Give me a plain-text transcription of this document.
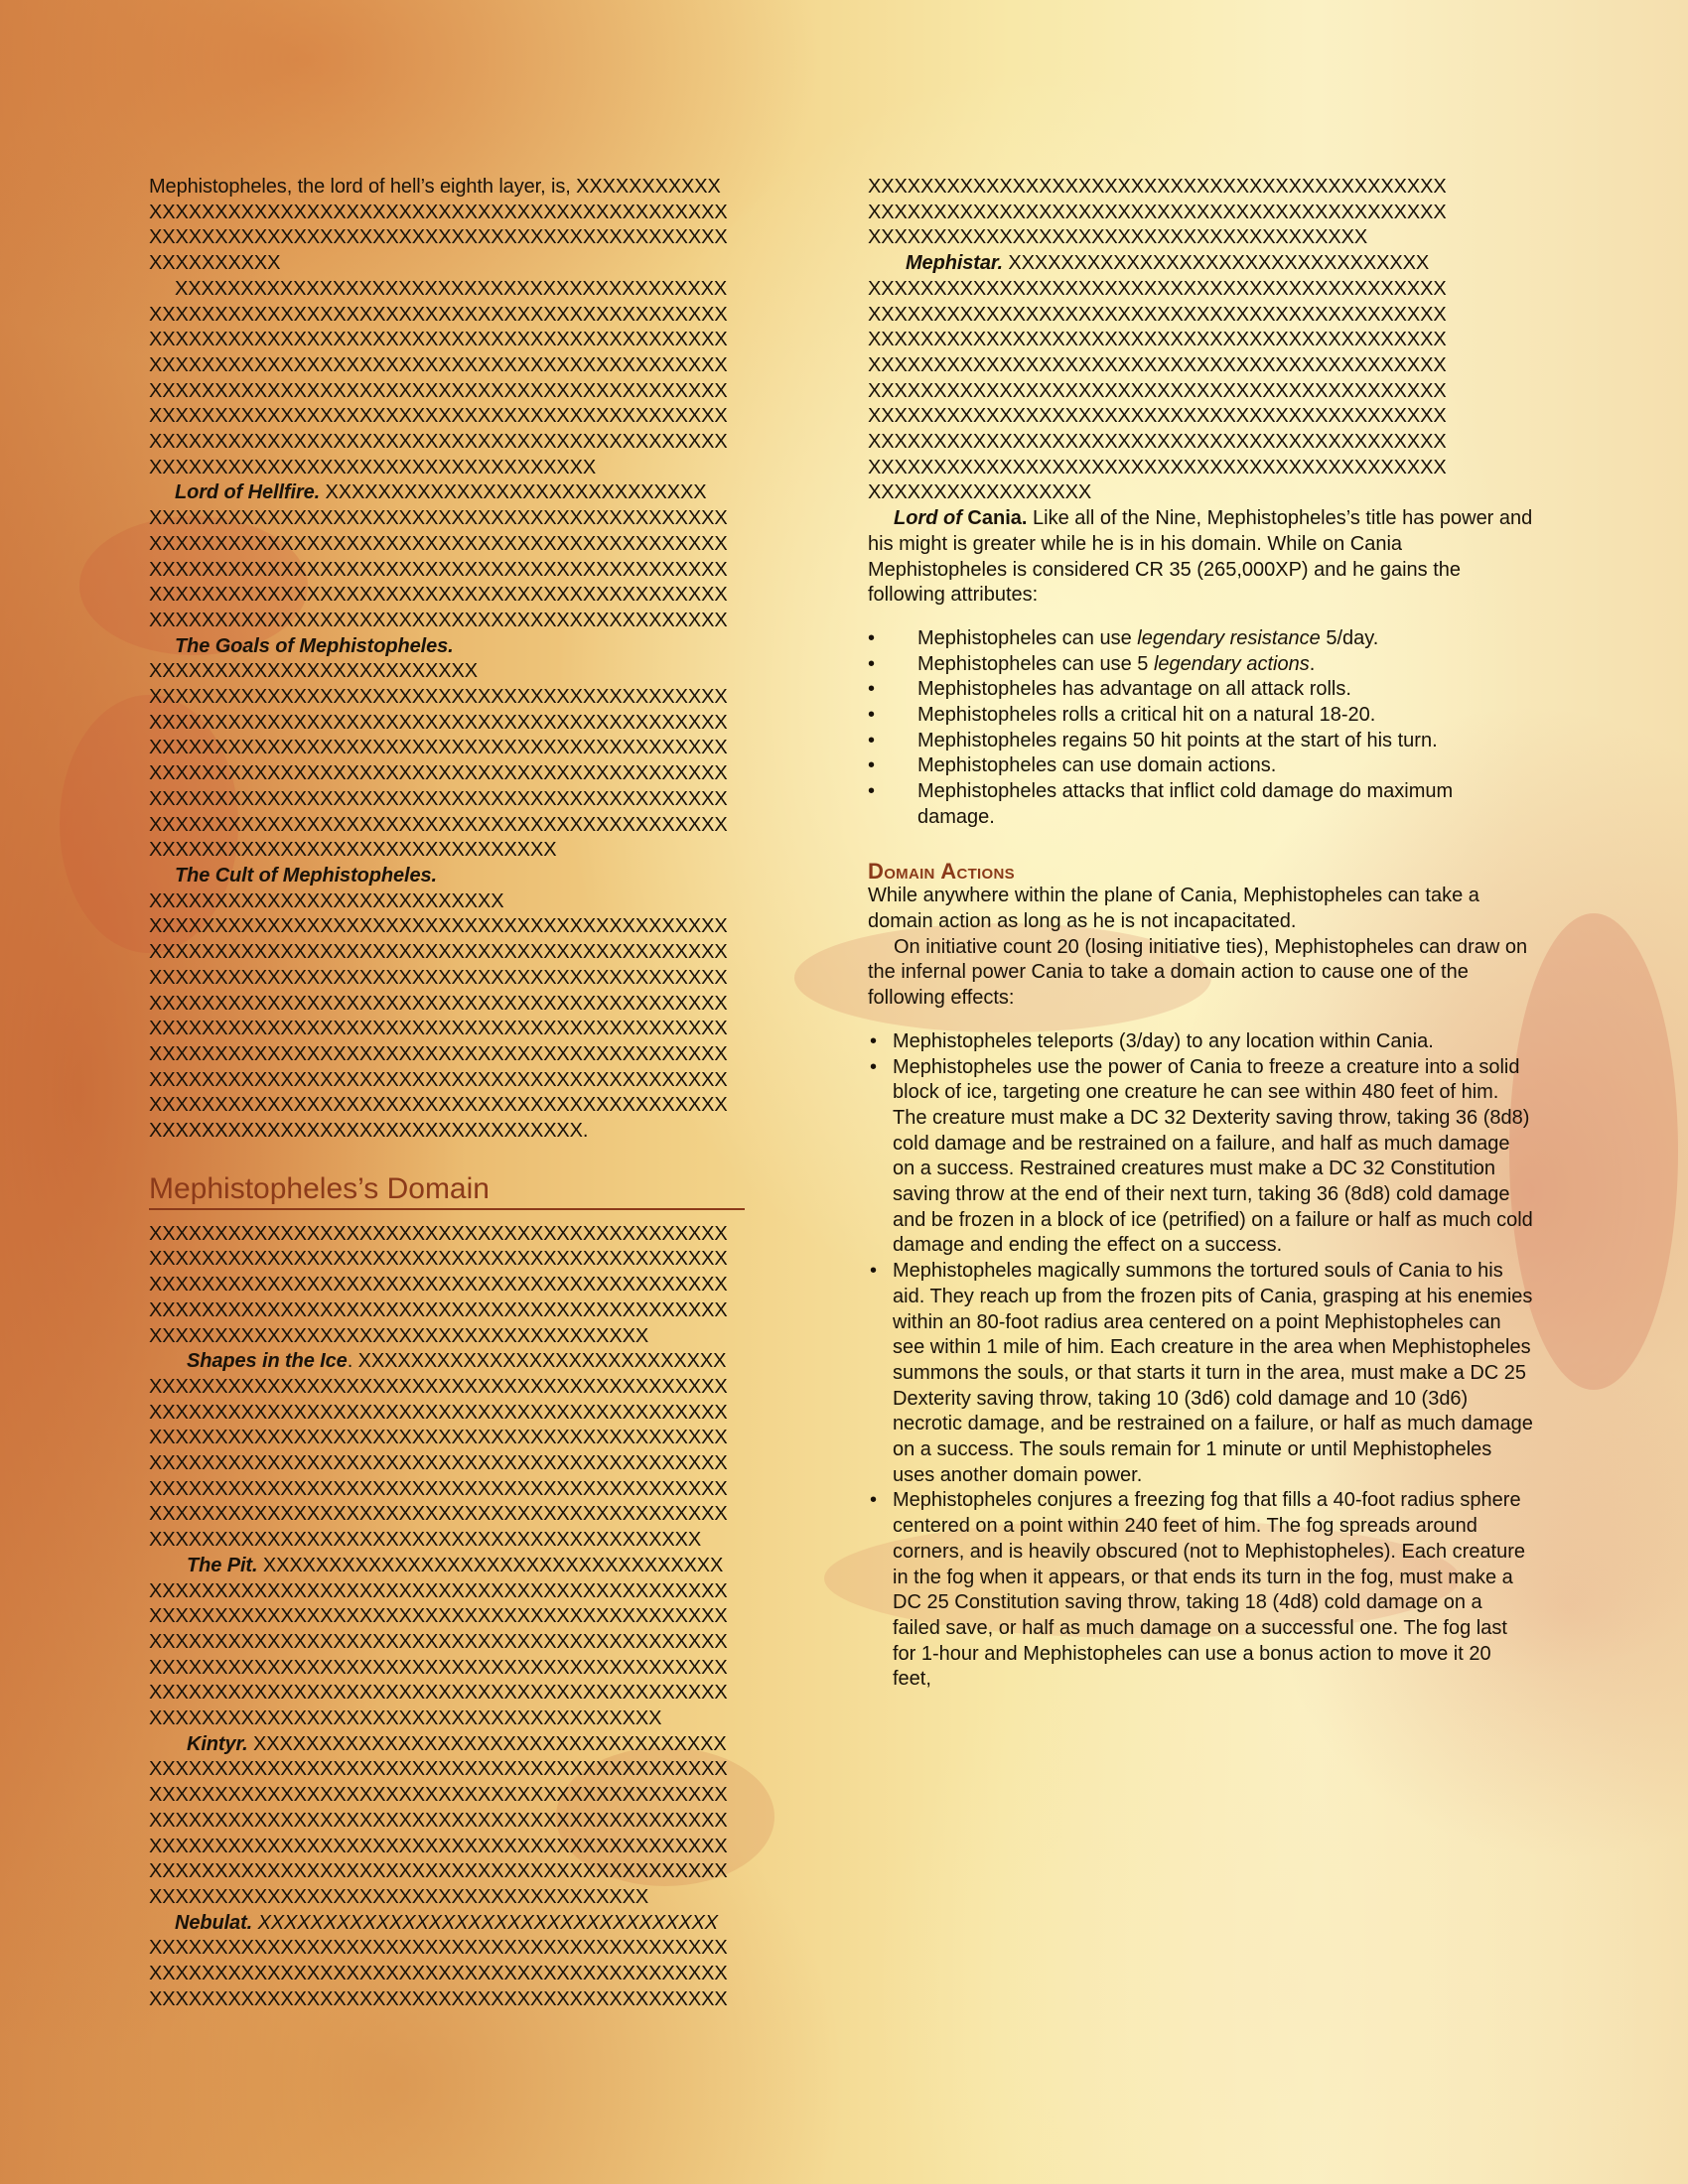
Mephistopheles, the lord of hell’s eighth layer, is, XXXXXXXXXXX
XXXXXXXXXXXXXXXXXXXXXXXXXXXXXXXXXXXXXXXXXXXX
XXXXXXXXXXXXXXXXXXXXXXXXXXXXXXXXXXXXXXXXXXXX
XXXXXXXXXX

XXXXXXXXXXXXXXXXXXXXXXXXXXXXXXXXXXXXXXXXXX
XXXXXXXXXXXXXXXXXXXXXXXXXXXXXXXXXXXXXXXXXXXX
XXXXXXXXXXXXXXXXXXXXXXXXXXXXXXXXXXXXXXXXXXXX
XXXXXXXXXXXXXXXXXXXXXXXXXXXXXXXXXXXXXXXXXXXX
XXXXXXXXXXXXXXXXXXXXXXXXXXXXXXXXXXXXXXXXXXXX
XXXXXXXXXXXXXXXXXXXXXXXXXXXXXXXXXXXXXXXXXXXX
XXXXXXXXXXXXXXXXXXXXXXXXXXXXXXXXXXXXXXXXXXXX
XXXXXXXXXXXXXXXXXXXXXXXXXXXXXXXXXX

Lord of Hellfire. XXXXXXXXXXXXXXXXXXXXXXXXXXXXX
XXXXXXXXXXXXXXXXXXXXXXXXXXXXXXXXXXXXXXXXXXXX
XXXXXXXXXXXXXXXXXXXXXXXXXXXXXXXXXXXXXXXXXXXX
XXXXXXXXXXXXXXXXXXXXXXXXXXXXXXXXXXXXXXXXXXXX
XXXXXXXXXXXXXXXXXXXXXXXXXXXXXXXXXXXXXXXXXXXX
XXXXXXXXXXXXXXXXXXXXXXXXXXXXXXXXXXXXXXXXXXXX

The Goals of Mephistopheles.
XXXXXXXXXXXXXXXXXXXXXXXXX
XXXXXXXXXXXXXXXXXXXXXXXXXXXXXXXXXXXXXXXXXXXX
XXXXXXXXXXXXXXXXXXXXXXXXXXXXXXXXXXXXXXXXXXXX
XXXXXXXXXXXXXXXXXXXXXXXXXXXXXXXXXXXXXXXXXXXX
XXXXXXXXXXXXXXXXXXXXXXXXXXXXXXXXXXXXXXXXXXXX
XXXXXXXXXXXXXXXXXXXXXXXXXXXXXXXXXXXXXXXXXXXX
XXXXXXXXXXXXXXXXXXXXXXXXXXXXXXXXXXXXXXXXXXXX
XXXXXXXXXXXXXXXXXXXXXXXXXXXXXXX

The Cult of Mephistopheles.
XXXXXXXXXXXXXXXXXXXXXXXXXXX
XXXXXXXXXXXXXXXXXXXXXXXXXXXXXXXXXXXXXXXXXXXX
XXXXXXXXXXXXXXXXXXXXXXXXXXXXXXXXXXXXXXXXXXXX
XXXXXXXXXXXXXXXXXXXXXXXXXXXXXXXXXXXXXXXXXXXX
XXXXXXXXXXXXXXXXXXXXXXXXXXXXXXXXXXXXXXXXXXXX
XXXXXXXXXXXXXXXXXXXXXXXXXXXXXXXXXXXXXXXXXXXX
XXXXXXXXXXXXXXXXXXXXXXXXXXXXXXXXXXXXXXXXXXXX
XXXXXXXXXXXXXXXXXXXXXXXXXXXXXXXXXXXXXXXXXXXX
XXXXXXXXXXXXXXXXXXXXXXXXXXXXXXXXXXXXXXXXXXXX
XXXXXXXXXXXXXXXXXXXXXXXXXXXXXXXXX.

Mephistopheles’s Domain

XXXXXXXXXXXXXXXXXXXXXXXXXXXXXXXXXXXXXXXXXXXX
XXXXXXXXXXXXXXXXXXXXXXXXXXXXXXXXXXXXXXXXXXXX
XXXXXXXXXXXXXXXXXXXXXXXXXXXXXXXXXXXXXXXXXXXX
XXXXXXXXXXXXXXXXXXXXXXXXXXXXXXXXXXXXXXXXXXXX
XXXXXXXXXXXXXXXXXXXXXXXXXXXXXXXXXXXXXX

Shapes in the Ice. XXXXXXXXXXXXXXXXXXXXXXXXXXXX
XXXXXXXXXXXXXXXXXXXXXXXXXXXXXXXXXXXXXXXXXXXX
XXXXXXXXXXXXXXXXXXXXXXXXXXXXXXXXXXXXXXXXXXXX
XXXXXXXXXXXXXXXXXXXXXXXXXXXXXXXXXXXXXXXXXXXX
XXXXXXXXXXXXXXXXXXXXXXXXXXXXXXXXXXXXXXXXXXXX
XXXXXXXXXXXXXXXXXXXXXXXXXXXXXXXXXXXXXXXXXXXX
XXXXXXXXXXXXXXXXXXXXXXXXXXXXXXXXXXXXXXXXXXXX
XXXXXXXXXXXXXXXXXXXXXXXXXXXXXXXXXXXXXXXXXX

The Pit. XXXXXXXXXXXXXXXXXXXXXXXXXXXXXXXXXXX
XXXXXXXXXXXXXXXXXXXXXXXXXXXXXXXXXXXXXXXXXXXX
XXXXXXXXXXXXXXXXXXXXXXXXXXXXXXXXXXXXXXXXXXXX
XXXXXXXXXXXXXXXXXXXXXXXXXXXXXXXXXXXXXXXXXXXX
XXXXXXXXXXXXXXXXXXXXXXXXXXXXXXXXXXXXXXXXXXXX
XXXXXXXXXXXXXXXXXXXXXXXXXXXXXXXXXXXXXXXXXXXX
XXXXXXXXXXXXXXXXXXXXXXXXXXXXXXXXXXXXXXX

Kintyr. XXXXXXXXXXXXXXXXXXXXXXXXXXXXXXXXXXXX
XXXXXXXXXXXXXXXXXXXXXXXXXXXXXXXXXXXXXXXXXXXX
XXXXXXXXXXXXXXXXXXXXXXXXXXXXXXXXXXXXXXXXXXXX
XXXXXXXXXXXXXXXXXXXXXXXXXXXXXXXXXXXXXXXXXXXX
XXXXXXXXXXXXXXXXXXXXXXXXXXXXXXXXXXXXXXXXXXXX
XXXXXXXXXXXXXXXXXXXXXXXXXXXXXXXXXXXXXXXXXXXX
XXXXXXXXXXXXXXXXXXXXXXXXXXXXXXXXXXXXXX

Nebulat. XXXXXXXXXXXXXXXXXXXXXXXXXXXXXXXXXXX
XXXXXXXXXXXXXXXXXXXXXXXXXXXXXXXXXXXXXXXXXXXX
XXXXXXXXXXXXXXXXXXXXXXXXXXXXXXXXXXXXXXXXXXXX
XXXXXXXXXXXXXXXXXXXXXXXXXXXXXXXXXXXXXXXXXXXX

XXXXXXXXXXXXXXXXXXXXXXXXXXXXXXXXXXXXXXXXXXXX
XXXXXXXXXXXXXXXXXXXXXXXXXXXXXXXXXXXXXXXXXXXX
XXXXXXXXXXXXXXXXXXXXXXXXXXXXXXXXXXXXXX

Mephistar. XXXXXXXXXXXXXXXXXXXXXXXXXXXXXXXX
XXXXXXXXXXXXXXXXXXXXXXXXXXXXXXXXXXXXXXXXXXXX
XXXXXXXXXXXXXXXXXXXXXXXXXXXXXXXXXXXXXXXXXXXX
XXXXXXXXXXXXXXXXXXXXXXXXXXXXXXXXXXXXXXXXXXXX
XXXXXXXXXXXXXXXXXXXXXXXXXXXXXXXXXXXXXXXXXXXX
XXXXXXXXXXXXXXXXXXXXXXXXXXXXXXXXXXXXXXXXXXXX
XXXXXXXXXXXXXXXXXXXXXXXXXXXXXXXXXXXXXXXXXXXX
XXXXXXXXXXXXXXXXXXXXXXXXXXXXXXXXXXXXXXXXXXXX
XXXXXXXXXXXXXXXXXXXXXXXXXXXXXXXXXXXXXXXXXXXX
XXXXXXXXXXXXXXXXX

Lord of Cania. Like all of the Nine, Mephistopheles’s title has power and his might is greater while he is in his domain. While on Cania Mephistopheles is considered CR 35 (265,000XP) and he gains the following attributes:

• Mephistopheles can use legendary resistance 5/day.
• Mephistopheles can use 5 legendary actions.
• Mephistopheles has advantage on all attack rolls.
• Mephistopheles rolls a critical hit on a natural 18-20.
• Mephistopheles regains 50 hit points at the start of his turn.
• Mephistopheles can use domain actions.
• Mephistopheles attacks that inflict cold damage do maximum damage.
Domain Actions

While anywhere within the plane of Cania, Mephistopheles can take a domain action as long as he is not incapacitated.

On initiative count 20 (losing initiative ties), Mephistopheles can draw on the infernal power Cania to take a domain action to cause one of the following effects:

• Mephistopheles teleports (3/day) to any location within Cania.
• Mephistopheles use the power of Cania to freeze a creature into a solid block of ice, targeting one creature he can see within 480 feet of him. The creature must make a DC 32 Dexterity saving throw, taking 36 (8d8) cold damage and be restrained on a failure, and half as much damage on a success. Restrained creatures must make a DC 32 Constitution saving throw at the end of their next turn, taking 36 (8d8) cold damage and be frozen in a block of ice (petrified) on a failure or half as much cold damage and ending the effect on a success.
• Mephistopheles magically summons the tortured souls of Cania to his aid. They reach up from the frozen pits of Cania, grasping at his enemies within an 80-foot radius area centered on a point Mephistopheles can see within 1 mile of him. Each creature in the area when Mephistopheles summons the souls, or that starts it turn in the area, must make a DC 25 Dexterity saving throw, taking 10 (3d6) cold damage and 10 (3d6) necrotic damage, and be restrained on a failure, or half as much damage on a success. The souls remain for 1 minute or until Mephistopheles uses another domain power.
• Mephistopheles conjures a freezing fog that fills a 40-foot radius sphere centered on a point within 240 feet of him. The fog spreads around corners, and is heavily obscured (not to Mephistopheles). Each creature in the fog when it appears, or that ends its turn in the fog, must make a DC 25 Constitution saving throw, taking 18 (4d8) cold damage on a failed save, or half as much damage on a successful one. The fog last for 1-hour and Mephistopheles can use a bonus action to move it 20 feet,
